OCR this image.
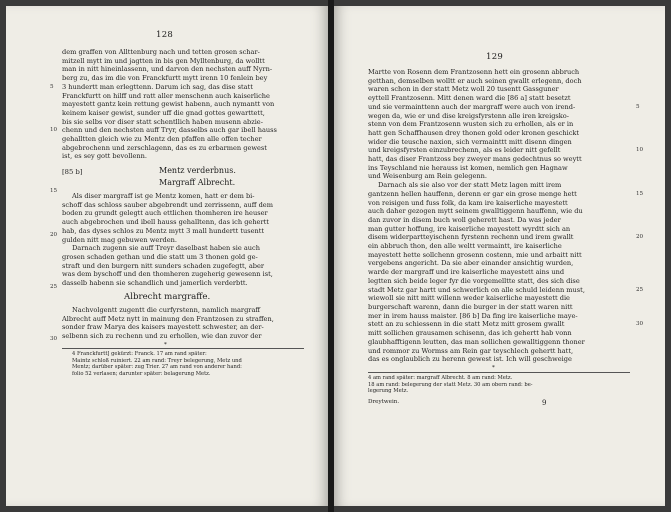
128
dem graffen von Allttenburg nach und tetten grosen schar-
mitzell mytt im und jagtten in bis gen Mylltenburg, da wolltt
man in nitt hineinlassenn, und darvon den nechsten auff Nyrn-
berg zu, das im die von Franckfurtt mytt irenn 10 fenlein bey
3 hundertt man erlegttenn. Darum ich sag, das dise statt
Franckfurtt on hilff und ratt aller menschenn auch kaiserliche
mayestett gantz kein rettung gewist habenn, auch nymantt von
keinem kaiser gewist, sunder uff die gnad gottes gewarttett,
bis sie selbs vor diser statt schentllich haben musenn abzie-
chenn und den nechsten auff Tryr, dasselbs auch gar ibell hauss
gehalltten gleich wie zu Mentz den pfaffen alle offen techer
abgebrochenn und zerschlagenn, das es zu erbarmen gewest
ist, es sey gott bevollenn.
[85 b]	Mentz verderbnus.
Margraff Albrecht.
Als diser margraff ist ge Mentz komen, hatt er dem bi-
schoff das schloss sauber abgebrendt und zerrissenn, auff dem
boden zu grundt gelegtt auch ettlichen thomheren ire heuser
auch abgebrochen und ibell hauss gehalltenn, das ich gehertt
hab, das dyses schlos zu Mentz mytt 3 mall hundertt tusentt
gulden nitt mag gebuwen werden.
Darnach zugenn sie auff Treyr daselbast haben sie auch
grosen schaden gethan und die statt um 3 thonen gold ge-
straft und den burgern nitt sunders schaden zugefegtt, aber
was dem byschoff und den thomheren zugeherig gewesenn ist,
dasselb habenn sie schandlich und jamerlich verderbtt.
Albrecht margraffe.
Nachvolgentt zugentt die curfyrstenn, namlich margraff
Albrecht auff Metz nytt in mainung den Frantzosen zu straffen,
sonder fraw Marya des kaisers mayestett schwester, an der-
selbenn sich zu rechenn und zu erhollen, wie dan zuvor der
*
4 Franckfurtt] gekürzt: Franck. 17 am rand später:
Maintz schloß ruiniert. 22 am rand: Treyr belegerung, Metz und
Mentz; darüber später: zug Trier. 27 am rand von anderer hand:
folio 52 verlasen; darunter später: belagerung Metz.
5
10
15
20
25
30
129
Martte von Rosenn dem Frantzosenn hett ein grosenn abbruch
getthan, demselben wolltt er auch seinen gwallt erlegenn, doch
waren schon in der statt Metz woll 20 tusentt Gassguner
eyttell Frantzosenn. Mitt denen ward die [86 a] statt besetzt
und sie vermainttenn auch der margraff were auch von irend-
wegen da, wie er und dise kreigsfyrstenn alle iren kreigsko-
stenn von dem Frantzosenn wusten sich zu erhollen, als er in
hatt gen Schaffhausen drey thonen gold oder kronen geschickt
wider die teusche naxion, sich vermainttt mitt disenn dingen
und kreigsfyrsten einzubrechenn, als es leider nitt gefellt
hatt, das diser Frantzoss bey zweyer mans gedechtnus so weytt
ins Teyschland nie herauss ist komen, nemlich gen Hagnaw
und Weisenburg am Rein gelegenn.
Darnach als sie also vor der statt Metz lagen mitt irem
gantzenn hellen hauffenn, derenn er gar ein grose menge hett
von reisigen und fuss folk, da kam ire kaiserliche mayestett
auch daher gezogen mytt seinem gwalltiggenn hauffenn, wie du
dan zuvor in disem buch woll geherett hast. Da was jeder
man gutter hoffung, ire kaiserliche mayestett wyrdtt sich an
disem widerpartteyischenn fyrstenn rechenn und irem gwallt
ein abbruch thon, den alle weltt vermaintt, ire kaiserliche
mayestett hette sollchenn grosenn costenn, mie und arbaitt nitt
vergebens angericht. Da sie aber einander ansichtig wurden,
warde der margraff und ire kaiserliche mayestett ains und
legtten sich beide leger fyr die vorgemelltte statt, des sich dise
stadt Metz gar hartt und schwerlich on alle schuld leidenn must,
wiewoll sie nitt mitt willenn weder kaiserliche mayestett die
burgerschaft warenn, dann die burger in der statt waren nitt
mer in irem hauss maister. [86 b] Da fing ire kaiserliche maye-
stett an zu schiessenn in die statt Metz mitt grosem gwallt
mitt sollichen grausamen schisenn, das ich gehertt hab vonn
glaubhafftigenn leutten, das man sollichen gewalltiggenn thoner
und rommor zu Wormss am Rein gar teyschlech gehertt hatt,
das es onglaublich zu herenn gewest ist. Ich will geschweige
*
4 am rand später: margraff Albrecht. 8 am rand: Metz.
18 am rand: belegerung der statt Metz. 30 am obern rand: be-
legerung Metz.
Dreytwein.	9
5
10
15
20
25
30
